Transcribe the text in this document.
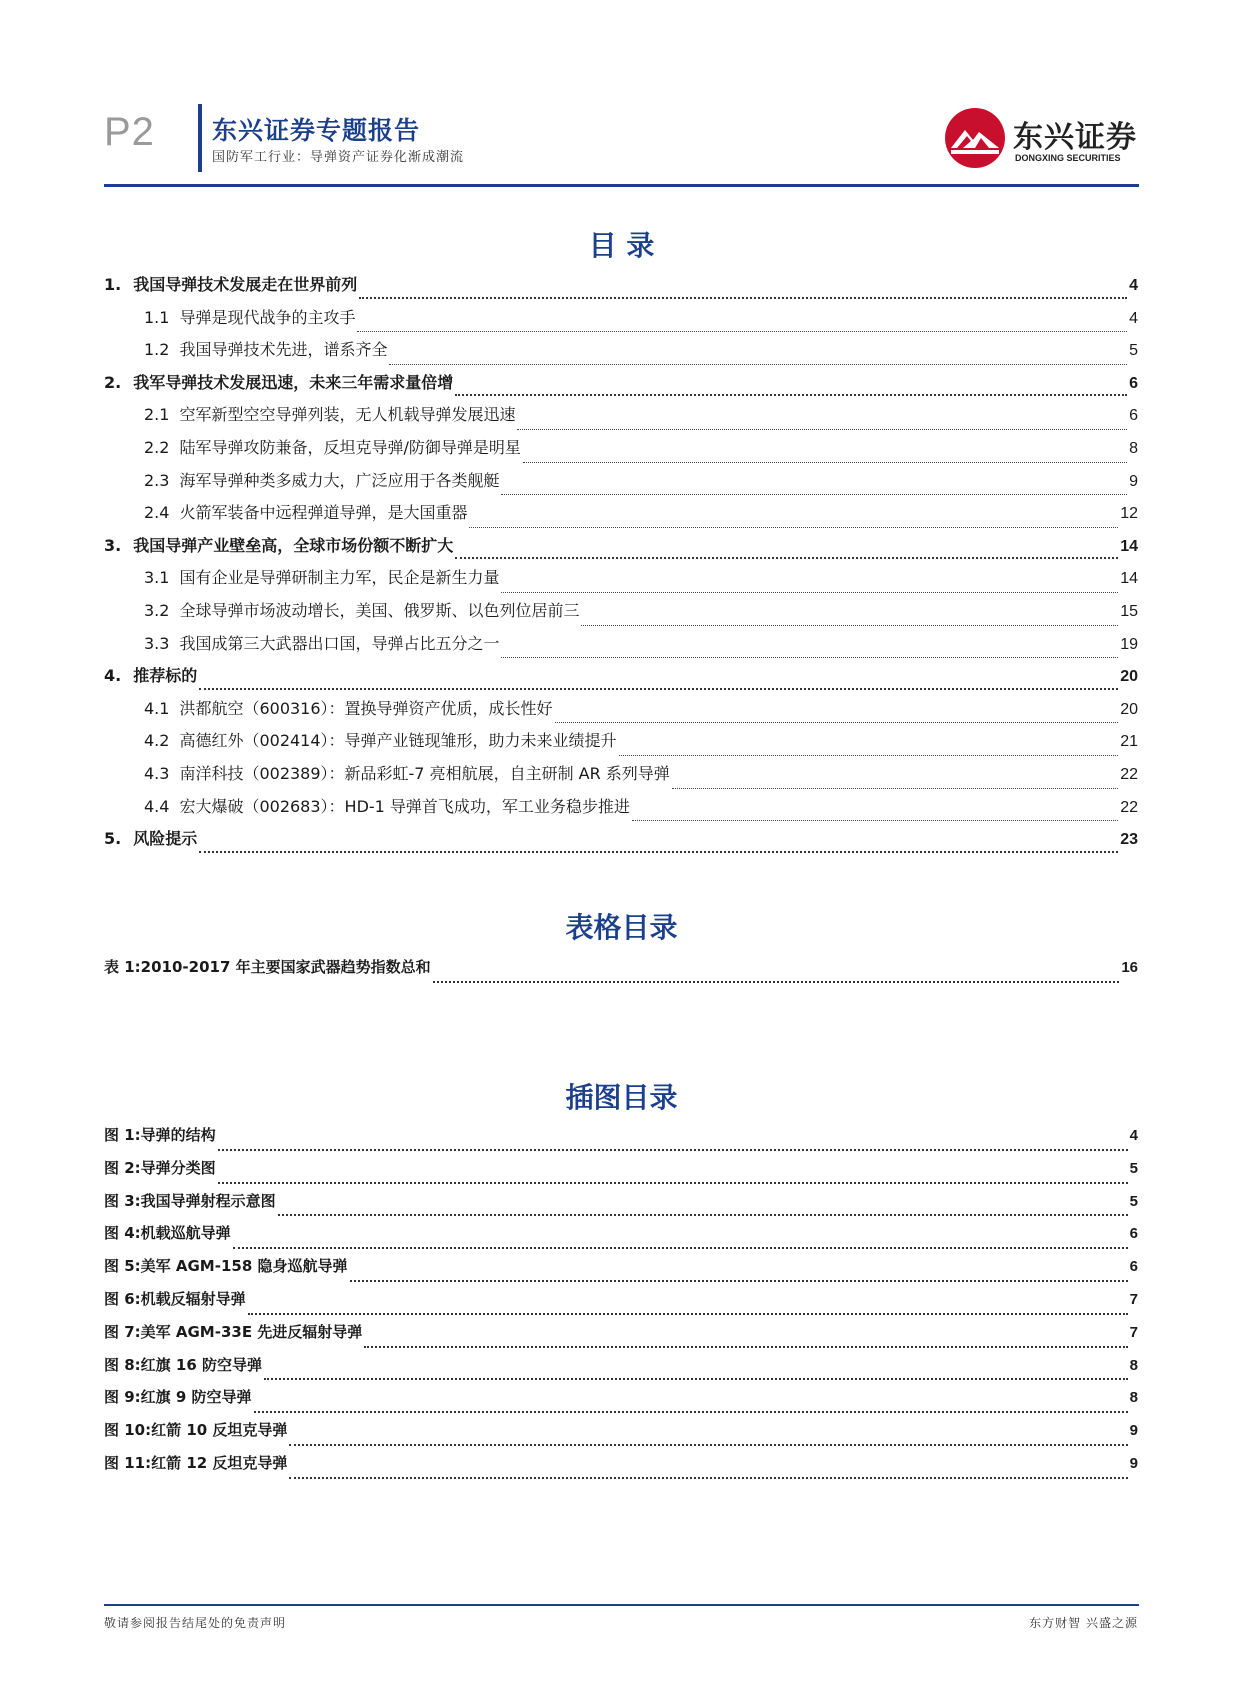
P2 东兴证券专题报告
国防军工行业：导弹资产证券化渐成潮流
东兴证券
DONGXING SECURITIES
目 录
1. 我国导弹技术发展走在世界前列	4
1.1 导弹是现代战争的主攻手	4
1.2 我国导弹技术先进，谱系齐全	5
2. 我军导弹技术发展迅速，未来三年需求量倍增	6
2.1 空军新型空空导弹列装，无人机载导弹发展迅速	6
2.2 陆军导弹攻防兼备，反坦克导弹/防御导弹是明星	8
2.3 海军导弹种类多威力大，广泛应用于各类舰艇	9
2.4 火箭军装备中远程弹道导弹，是大国重器	12
3. 我国导弹产业壁垒高，全球市场份额不断扩大	14
3.1 国有企业是导弹研制主力军，民企是新生力量	14
3.2 全球导弹市场波动增长，美国、俄罗斯、以色列位居前三	15
3.3 我国成第三大武器出口国，导弹占比五分之一	19
4. 推荐标的	20
4.1 洪都航空（600316）：置换导弹资产优质，成长性好	20
4.2 高德红外（002414）：导弹产业链现雏形，助力未来业绩提升	21
4.3 南洋科技（002389）：新品彩虹-7 亮相航展，自主研制 AR 系列导弹	22
4.4 宏大爆破（002683）：HD-1 导弹首飞成功，军工业务稳步推进	22
5. 风险提示	23
表格目录
表 1:2010-2017 年主要国家武器趋势指数总和	16
插图目录
图 1:导弹的结构	4
图 2:导弹分类图	5
图 3:我国导弹射程示意图	5
图 4:机载巡航导弹	6
图 5:美军 AGM-158 隐身巡航导弹	6
图 6:机载反辐射导弹	7
图 7:美军 AGM-33E 先进反辐射导弹	7
图 8:红旗 16 防空导弹	8
图 9:红旗 9 防空导弹	8
图 10:红箭 10 反坦克导弹	9
图 11:红箭 12 反坦克导弹	9
敬请参阅报告结尾处的免责声明	东方财智 兴盛之源
